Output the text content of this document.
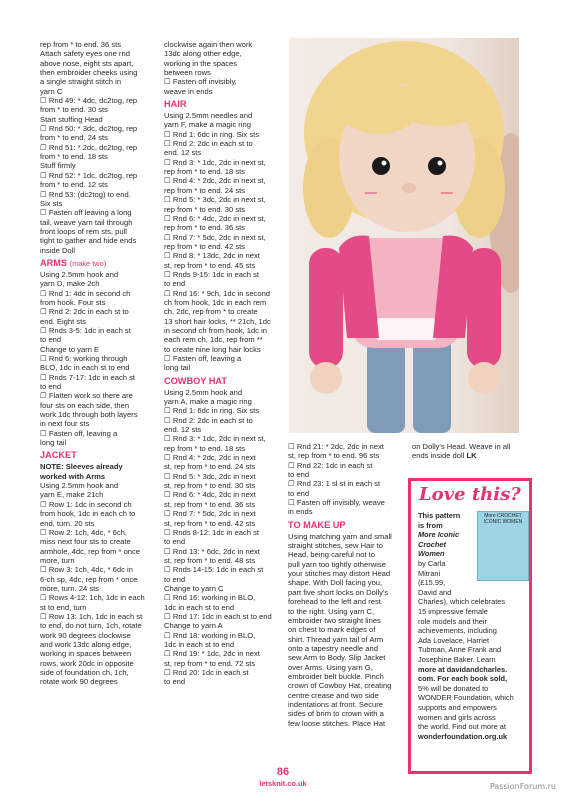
rep from * to end. 36 sts

Attach safety eyes one rnd

above nose, eight sts apart,

then embroider cheeks using

a single straight stitch in

yarn C

☐ Rnd 49: * 4dc, dc2tog, rep

from * to end. 30 sts

Start stuffing Head

☐ Rnd 50: * 3dc, dc2tog, rep

from * to end. 24 sts

☐ Rnd 51: * 2dc, dc2tog, rep

from * to end. 18 sts

Stuff firmly

☐ Rnd 52: * 1dc, dc2tog, rep

from * to end. 12 sts

☐ Rnd 53: (dc2tog) to end.

Six sts

☐ Fasten off leaving a long

tail, weave yarn tail through

front loops of rem sts, pull

tight to gather and hide ends

inside Doll

ARMS (make two)

Using 2.5mm hook and

yarn D, make 2ch

☐ Rnd 1: 4dc in second ch

from hook. Four sts

☐ Rnd 2: 2dc in each st to

end. Eight sts

☐ Rnds 3-5: 1dc in each st

to end

Change to yarn E

☐ Rnd 6: working through

BLO, 1dc in each st to end

☐ Rnds 7-17: 1dc in each st

to end

☐ Flatten work so there are

four sts on each side, then

work 1dc through both layers

in next four sts

☐ Fasten off, leaving a

long tail

JACKET

NOTE: Sleeves already

worked with Arms

Using 2.5mm hook and

yarn E, make 21ch

☐ Row 1: 1dc in second ch

from hook, 1dc in each ch to

end, turn. 20 sts

☐ Row 2: 1ch, 4dc, * 6ch,

miss next four sts to create

armhole, 4dc, rep from * once

more, turn

☐ Row 3: 1ch, 4dc, * 6dc in

6-ch sp, 4dc, rep from * once

more, turn. 24 sts

☐ Rows 4-12: 1ch, 1dc in each

st to end, turn

☐ Row 13: 1ch, 1dc in each st

to end, do not turn, 1ch, rotate

work 90 degrees clockwise

and work 13dc along edge,

working in spaces between

rows, work 20dc in opposite

side of foundation ch, 1ch,

rotate work 90 degrees

clockwise again then work

13dc along other edge,

working in the spaces

between rows

☐ Fasten off invisibly,

weave in ends

HAIR

Using 2.5mm needles and

yarn F, make a magic ring

☐ Rnd 1: 6dc in ring. Six sts

☐ Rnd 2: 2dc in each st to

end. 12 sts

☐ Rnd 3: * 1dc, 2dc in next st,

rep from * to end. 18 sts

☐ Rnd 4: * 2dc, 2dc in next st,

rep from * to end. 24 sts

☐ Rnd 5: * 3dc, 2dc in next st,

rep from * to end. 30 sts

☐ Rnd 6: * 4dc, 2dc in next st,

rep from * to end. 36 sts

☐ Rnd 7: * 5dc, 2dc in next st,

rep from * to end. 42 sts

☐ Rnd 8: * 13dc, 2dc in next

st, rep from * to end. 45 sts

☐ Rnds 9-15: 1dc in each st

to end

☐ Rnd 16: * 9ch, 1dc in second

ch from hook, 1dc in each rem

ch, 2dc, rep from * to create

13 short hair locks, ** 21ch, 1dc

in second ch from hook, 1dc in

each rem ch, 1dc, rep from **

to create nine long hair locks

☐ Fasten off, leaving a

long tail

COWBOY HAT

Using 2.5mm hook and

yarn A, make a magic ring

☐ Rnd 1: 6dc in ring. Six sts

☐ Rnd 2: 2dc in each st to

end. 12 sts

☐ Rnd 3: * 1dc, 2dc in next st,

rep from * to end. 18 sts

☐ Rnd 4: * 2dc, 2dc in next

st, rep from * to end. 24 sts

☐ Rnd 5: * 3dc, 2dc in next

st, rep from * to end. 30 sts

☐ Rnd 6: * 4dc, 2dc in next

st, rep from * to end. 36 sts

☐ Rnd 7: * 5dc, 2dc in next

st, rep from * to end. 42 sts

☐ Rnds 8-12: 1dc in each st

to end

☐ Rnd 13: * 6dc, 2dc in next

st, rep from * to end. 48 sts

☐ Rnds 14-15: 1dc in each st

to end

Change to yarn C

☐ Rnd 16: working in BLO,

1dc in each st to end

☐ Rnd 17: 1dc in each st to end

Change to yarn A

☐ Rnd 18: working in BLO,

1dc in each st to end

☐ Rnd 19: * 1dc, 2dc in next

st, rep from * to end. 72 sts

☐ Rnd 20: 1dc in each st

to end

☐ Rnd 21: * 2dc, 2dc in next

st, rep from * to end. 96 sts

☐ Rnd 22: 1dc in each st

to end

☐ Rnd 23: 1 sl st in each st

to end

☐ Fasten off invisibly, weave

in ends

TO MAKE UP

Using matching yarn and small

straight stitches, sew Hair to

Head, being careful not to

pull yarn too tightly otherwise

your stitches may distort Head

shape. With Doll facing you,

part five short locks on Dolly's

forehead to the left and rest

to the right. Using yarn C,

embroider two straight lines

on chest to mark edges of

shirt. Thread yarn tail of Arm

onto a tapestry needle and

sew Arm to Body. Slip Jacket

over Arms. Using yarn G,

embroider belt buckle. Pinch

crown of Cowboy Hat, creating

centre crease and two side

indentations at front. Secure

sides of brim to crown with a

few loose stitches. Place Hat

on Dolly's Head. Weave in all

ends inside doll LK

Love this?
More CROCHET ICONIC WOMEN
This pattern
is from
More Iconic
Crochet
Women
by Carla
Mitrani
(£15.99,
David and
Charles), which celebrates
15 impressive female
role models and their
achievements, including
Ada Lovelace, Harriet
Tubman, Anne Frank and
Josephine Baker. Learn
more at davidandcharles.
com. For each book sold,
5% will be donated to
WONDER Foundation, which
supports and empowers
women and girls across
the world. Find out more at
wonderfoundation.org.uk
86
letsknit.co.uk	PassionForum.ru
